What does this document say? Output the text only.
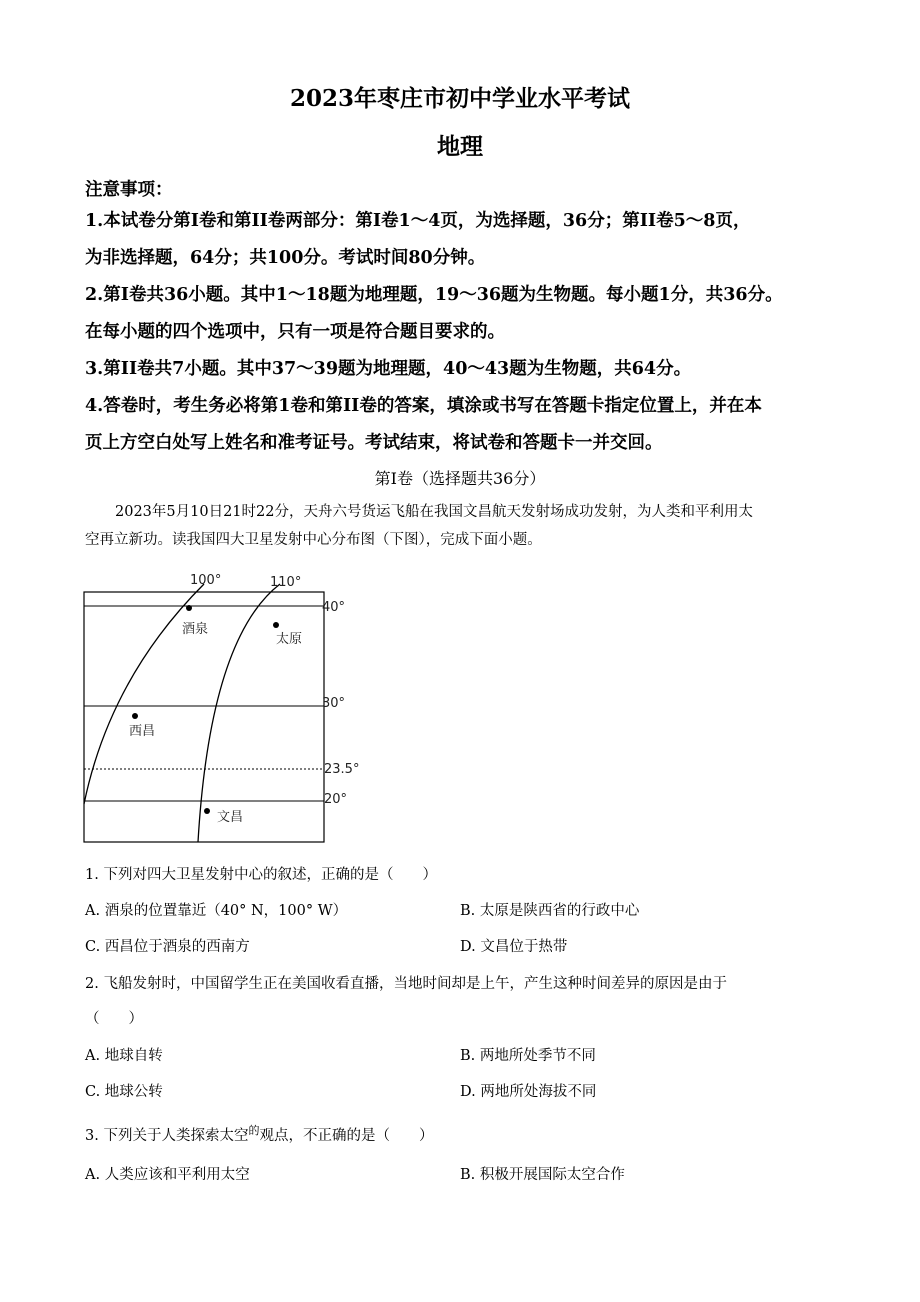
2023年枣庄市初中学业水平考试
地理
注意事项：
1.本试卷分第Ⅰ卷和第II卷两部分：第Ⅰ卷1～4页，为选择题，36分；第II卷5～8页，
为非选择题，64分；共100分。考试时间80分钟。
2.第Ⅰ卷共36小题。其中1～18题为地理题，19～36题为生物题。每小题1分，共36分。
在每小题的四个选项中，只有一项是符合题目要求的。
3.第II卷共7小题。其中37～39题为地理题，40～43题为生物题，共64分。
4.答卷时，考生务必将第1卷和第II卷的答案，填涂或书写在答题卡指定位置上，并在本
页上方空白处写上姓名和准考证号。考试结束，将试卷和答题卡一并交回。
第Ⅰ卷（选择题共36分）
2023年5月10日21时22分，天舟六号货运飞船在我国文昌航天发射场成功发射，为人类和平利用太
空再立新功。读我国四大卫星发射中心分布图（下图），完成下面小题。
100°	110°
40°
30°
23.5°
20°
酒泉
太原
西昌
文昌
1. 下列对四大卫星发射中心的叙述，正确的是（　　）
A. 酒泉的位置靠近（40° N，100° W）	B. 太原是陕西省的行政中心
C. 西昌位于酒泉的西南方	D. 文昌位于热带
2. 飞船发射时，中国留学生正在美国收看直播，当地时间却是上午，产生这种时间差异的原因是由于
（　　）
A. 地球自转	B. 两地所处季节不同
C. 地球公转	D. 两地所处海拔不同
3. 下列关于人类探索太空$^的$观点，不正确的是（　　）
A. 人类应该和平利用太空	B. 积极开展国际太空合作
